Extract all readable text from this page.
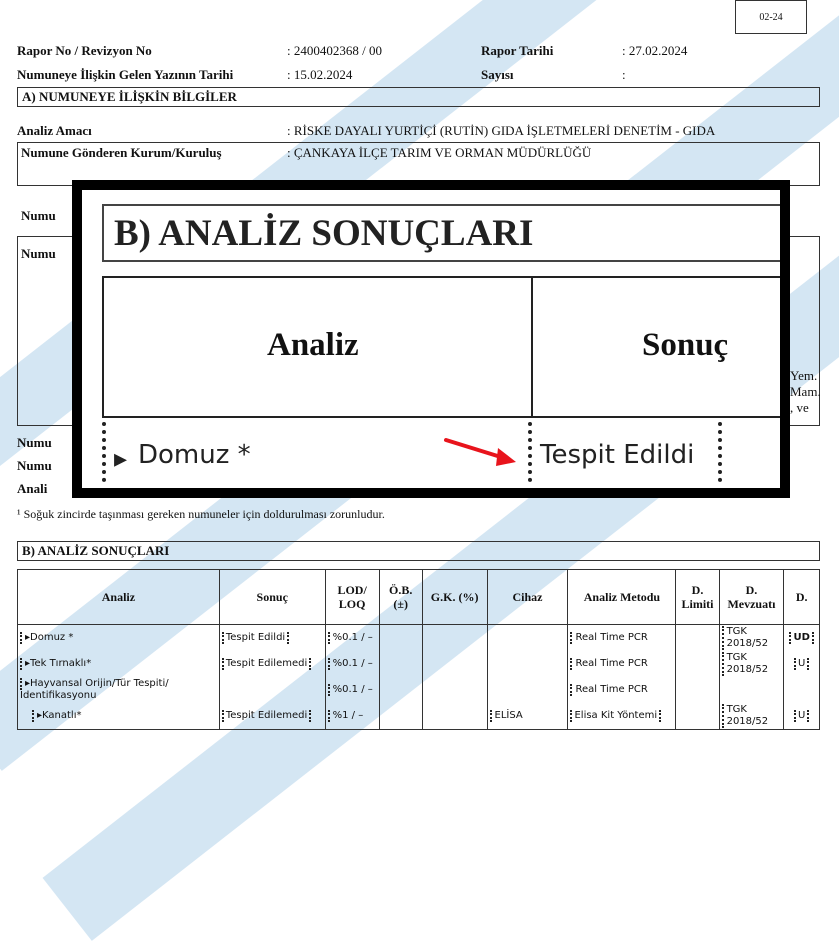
02-24
Rapor No / Revizyon No	: 2400402368 / 00	Rapor Tarihi	: 27.02.2024
Numuneye İlişkin Gelen Yazının Tarihi	: 15.02.2024	Sayısı	:
A) NUMUNEYE İLİŞKİN BİLGİLER
Analiz Amacı	: RİSKE DAYALI YURTİÇİ (RUTİN) GIDA İŞLETMELERİ DENETİM - GIDA
Numune Gönderen Kurum/Kuruluş	: ÇANKAYA İLÇE TARIM VE ORMAN MÜDÜRLÜĞÜ
Numu
Numu
Yem.
Mam.
, ve
Numu
Numu
Anali
¹ Soğuk zincirde taşınması gereken numuneler için doldurulması zorunludur.
B) ANALİZ SONUÇLARI
Analiz	Sonuç	LOD/ LOQ	Ö.B. (±)	G.K. (%)	Cihaz	Analiz Metodu	D. Limiti	D. Mevzuatı	D.
▸Domuz *	Tespit Edildi	%0.1 / –				Real Time PCR		TGK 2018/52	UD
▸Tek Tırnaklı*	Tespit Edilemedi	%0.1 / –				Real Time PCR		TGK 2018/52	U
▸Hayvansal Orijin/Tür Tespiti/İdentifikasyonu		%0.1 / –				Real Time PCR			
▸Kanatlı*	Tespit Edilemedi	%1 / –			ELİSA	Elisa Kit Yöntemi		TGK 2018/52	U
B) ANALİZ SONUÇLARI
Analiz	Sonuç
▸ Domuz *	Tespit Edildi
